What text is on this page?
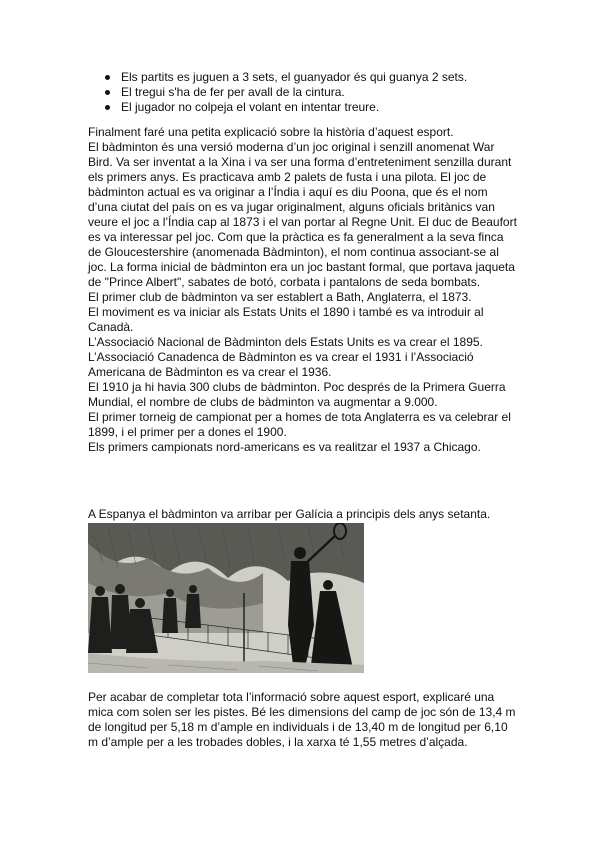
Els partits es juguen a 3 sets, el guanyador és qui guanya 2 sets.
El tregui s'ha de fer per avall de la cintura.
El jugador no colpeja el volant en intentar treure.

Finalment faré una petita explicació sobre la història d’aquest esport.

El bàdminton és una versió moderna d’un joc original i senzill anomenat War Bird. Va ser inventat a la Xina i va ser una forma d’entreteniment senzilla durant els primers anys. Es practicava amb 2 palets de fusta i una pilota. El joc de bàdminton actual es va originar a l’Índia i aquí es diu Poona, que és el nom d’una ciutat del país on es va jugar originalment, alguns oficials britànics van veure el joc a l’Índia cap al 1873 i el van portar al Regne Unit. El duc de Beaufort es va interessar pel joc. Com que la pràctica es fa generalment a la seva finca de Gloucestershire (anomenada Bàdminton), el nom continua associant-se al joc. La forma inicial de bàdminton era un joc bastant formal, que portava jaqueta de "Prince Albert", sabates de botó, corbata i pantalons de seda bombats.

El primer club de bàdminton va ser establert a Bath, Anglaterra, el 1873.

El moviment es va iniciar als Estats Units el 1890 i també es va introduir al Canadà.

L’Associació Nacional de Bàdminton dels Estats Units es va crear el 1895.

L’Associació Canadenca de Bàdminton es va crear el 1931 i l’Associació Americana de Bàdminton es va crear el 1936.

El 1910 ja hi havia 300 clubs de bàdminton. Poc després de la Primera Guerra Mundial, el nombre de clubs de bàdminton va augmentar a 9.000.

El primer torneig de campionat per a homes de tota Anglaterra es va celebrar el 1899, i el primer per a dones el 1900.

Els primers campionats nord-americans es va realitzar el 1937 a Chicago.

A Espanya el bàdminton va arribar per Galícia a principis dels anys setanta.

Per acabar de completar tota l’informació sobre aquest esport, explicaré una mica com solen ser les pistes. Bé les dimensions del camp de joc són de 13,4 m de longitud per 5,18 m d’ample en individuals i de 13,40 m de longitud per 6,10 m d’ample per a les trobades dobles, i la xarxa té 1,55 metres d’alçada.
